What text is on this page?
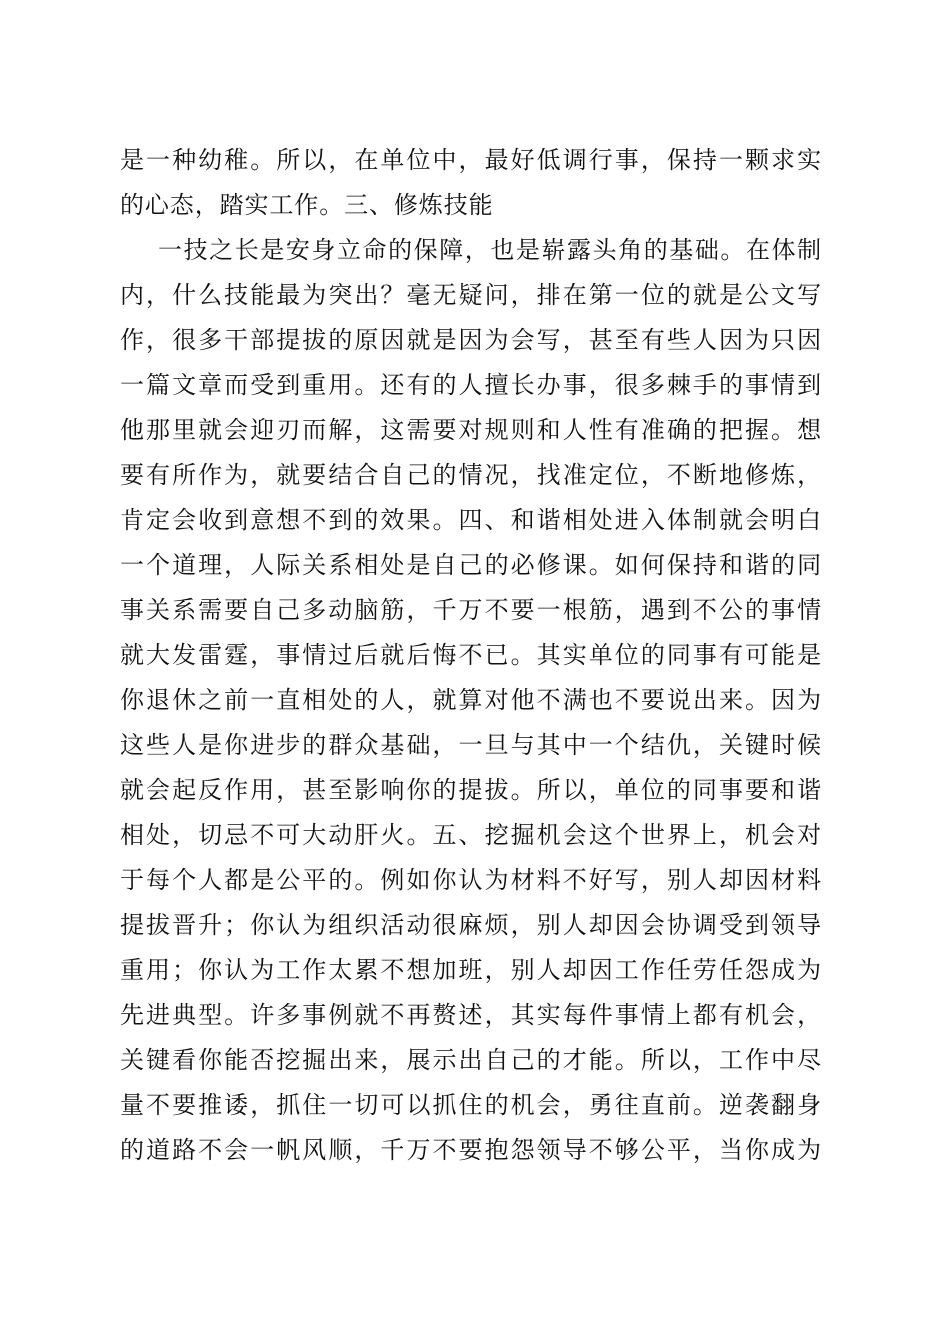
是一种幼稚。所以，在单位中，最好低调行事，保持一颗求实
的心态，踏实工作。三、修炼技能
一技之长是安身立命的保障，也是崭露头角的基础。在体制
内，什么技能最为突出？毫无疑问，排在第一位的就是公文写
作，很多干部提拔的原因就是因为会写，甚至有些人因为只因
一篇文章而受到重用。还有的人擅长办事，很多棘手的事情到
他那里就会迎刃而解，这需要对规则和人性有准确的把握。想
要有所作为，就要结合自己的情况，找准定位，不断地修炼，
肯定会收到意想不到的效果。四、和谐相处进入体制就会明白
一个道理，人际关系相处是自己的必修课。如何保持和谐的同
事关系需要自己多动脑筋，千万不要一根筋，遇到不公的事情
就大发雷霆，事情过后就后悔不已。其实单位的同事有可能是
你退休之前一直相处的人，就算对他不满也不要说出来。因为
这些人是你进步的群众基础，一旦与其中一个结仇，关键时候
就会起反作用，甚至影响你的提拔。所以，单位的同事要和谐
相处，切忌不可大动肝火。五、挖掘机会这个世界上，机会对
于每个人都是公平的。例如你认为材料不好写，别人却因材料
提拔晋升；你认为组织活动很麻烦，别人却因会协调受到领导
重用；你认为工作太累不想加班，别人却因工作任劳任怨成为
先进典型。许多事例就不再赘述，其实每件事情上都有机会，
关键看你能否挖掘出来，展示出自己的才能。所以，工作中尽
量不要推诿，抓住一切可以抓住的机会，勇往直前。逆袭翻身
的道路不会一帆风顺，千万不要抱怨领导不够公平，当你成为
